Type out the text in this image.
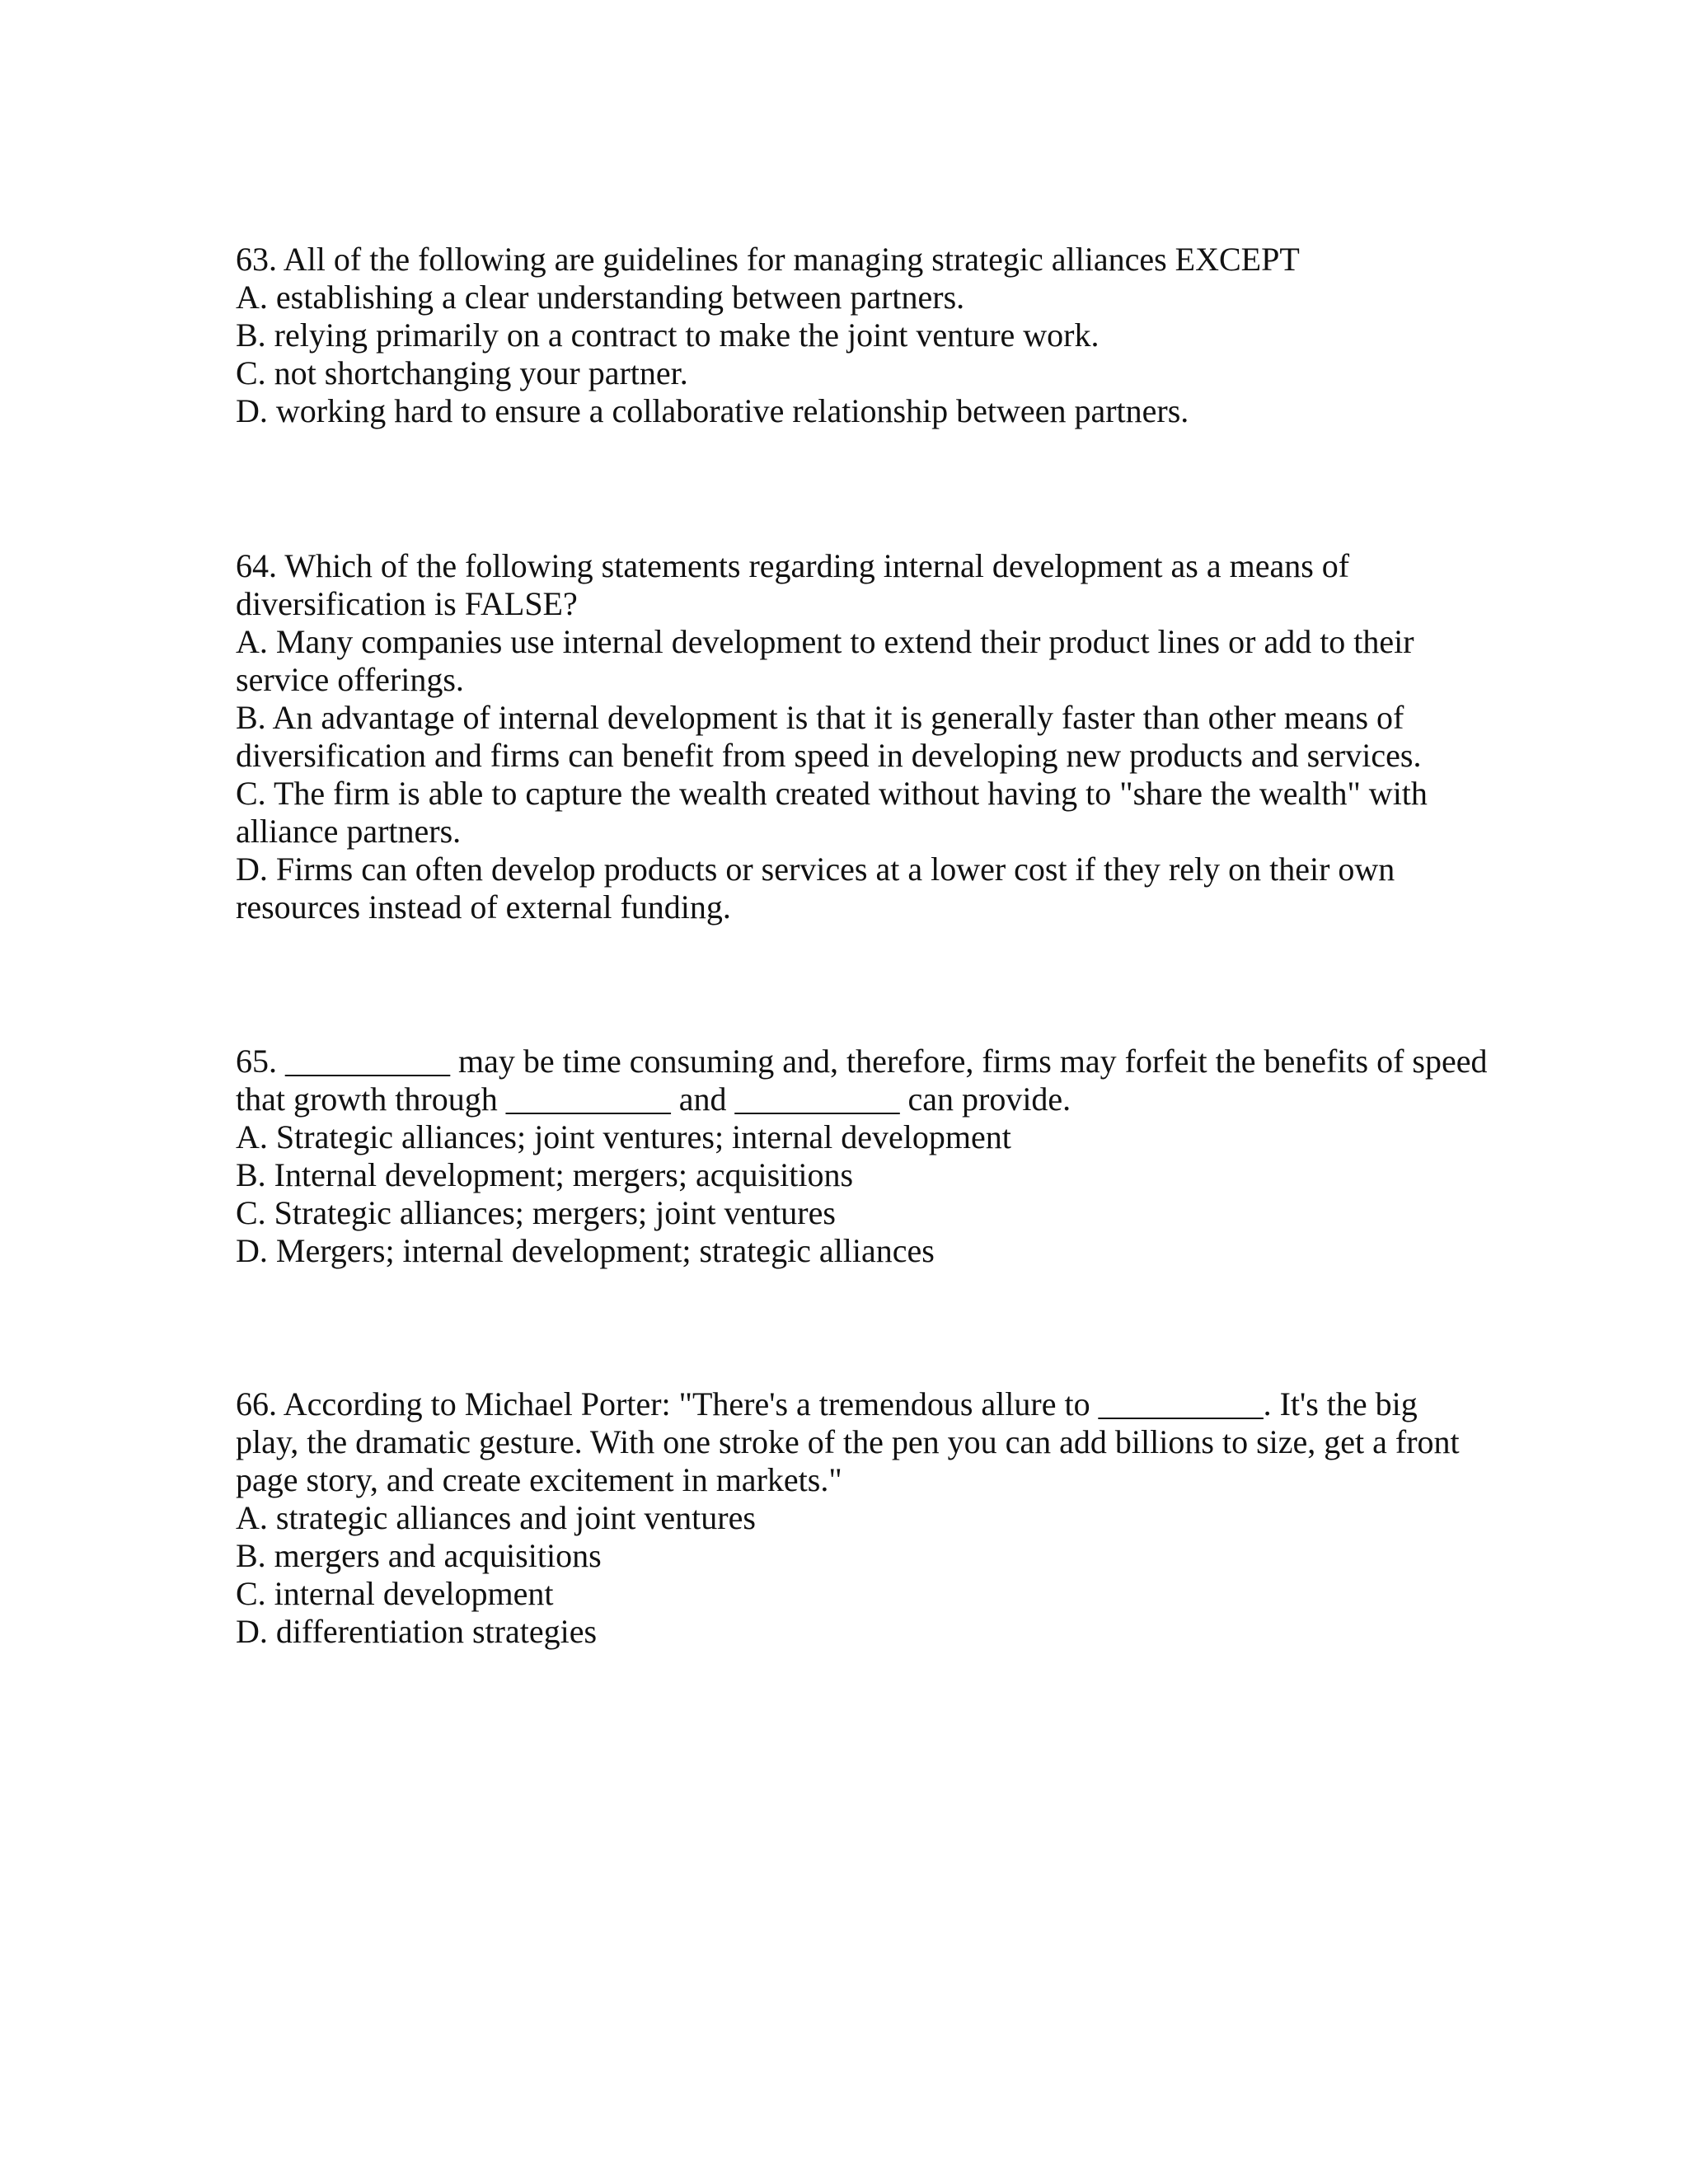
63. All of the following are guidelines for managing strategic alliances EXCEPT

A. establishing a clear understanding between partners.

B. relying primarily on a contract to make the joint venture work.

C. not shortchanging your partner.

D. working hard to ensure a collaborative relationship between partners.

64. Which of the following statements regarding internal development as a means of diversification is FALSE?

A. Many companies use internal development to extend their product lines or add to their service offerings.

B. An advantage of internal development is that it is generally faster than other means of diversification and firms can benefit from speed in developing new products and services.

C. The firm is able to capture the wealth created without having to "share the wealth" with alliance partners.

D. Firms can often develop products or services at a lower cost if they rely on their own resources instead of external funding.

65. __________ may be time consuming and, therefore, firms may forfeit the benefits of speed that growth through __________ and __________ can provide.

A. Strategic alliances; joint ventures; internal development

B. Internal development; mergers; acquisitions

C. Strategic alliances; mergers; joint ventures

D. Mergers; internal development; strategic alliances

66. According to Michael Porter: "There's a tremendous allure to __________. It's the big play, the dramatic gesture. With one stroke of the pen you can add billions to size, get a front page story, and create excitement in markets."

A. strategic alliances and joint ventures

B. mergers and acquisitions

C. internal development

D. differentiation strategies
